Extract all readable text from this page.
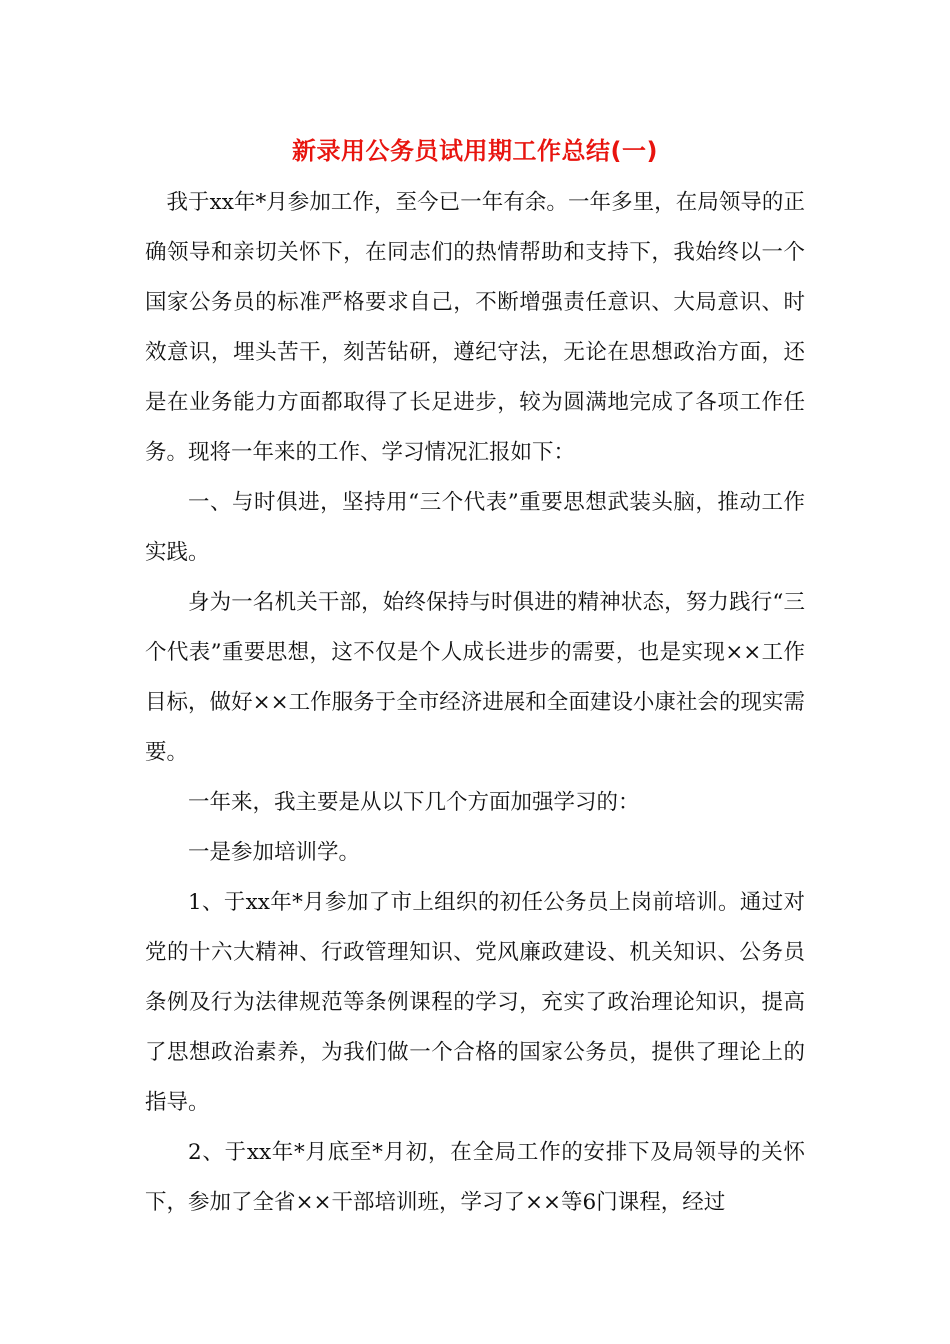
新录用公务员试用期工作总结(一)

我于xx年*月参加工作，至今已一年有余。一年多里，在局领导的正确领导和亲切关怀下，在同志们的热情帮助和支持下，我始终以一个国家公务员的标准严格要求自己，不断增强责任意识、大局意识、时效意识，埋头苦干，刻苦钻研，遵纪守法，无论在思想政治方面，还是在业务能力方面都取得了长足进步，较为圆满地完成了各项工作任务。现将一年来的工作、学习情况汇报如下：

一、与时俱进，坚持用“三个代表”重要思想武装头脑，推动工作实践。

身为一名机关干部，始终保持与时俱进的精神状态，努力践行“三个代表”重要思想，这不仅是个人成长进步的需要，也是实现××工作目标，做好××工作服务于全市经济进展和全面建设小康社会的现实需要。

一年来，我主要是从以下几个方面加强学习的：

一是参加培训学。

1、于xx年*月参加了市上组织的初任公务员上岗前培训。通过对党的十六大精神、行政管理知识、党风廉政建设、机关知识、公务员条例及行为法律规范等条例课程的学习，充实了政治理论知识，提高了思想政治素养，为我们做一个合格的国家公务员，提供了理论上的指导。

2、于xx年*月底至*月初，在全局工作的安排下及局领导的关怀下，参加了全省××干部培训班，学习了××等6门课程，经过
